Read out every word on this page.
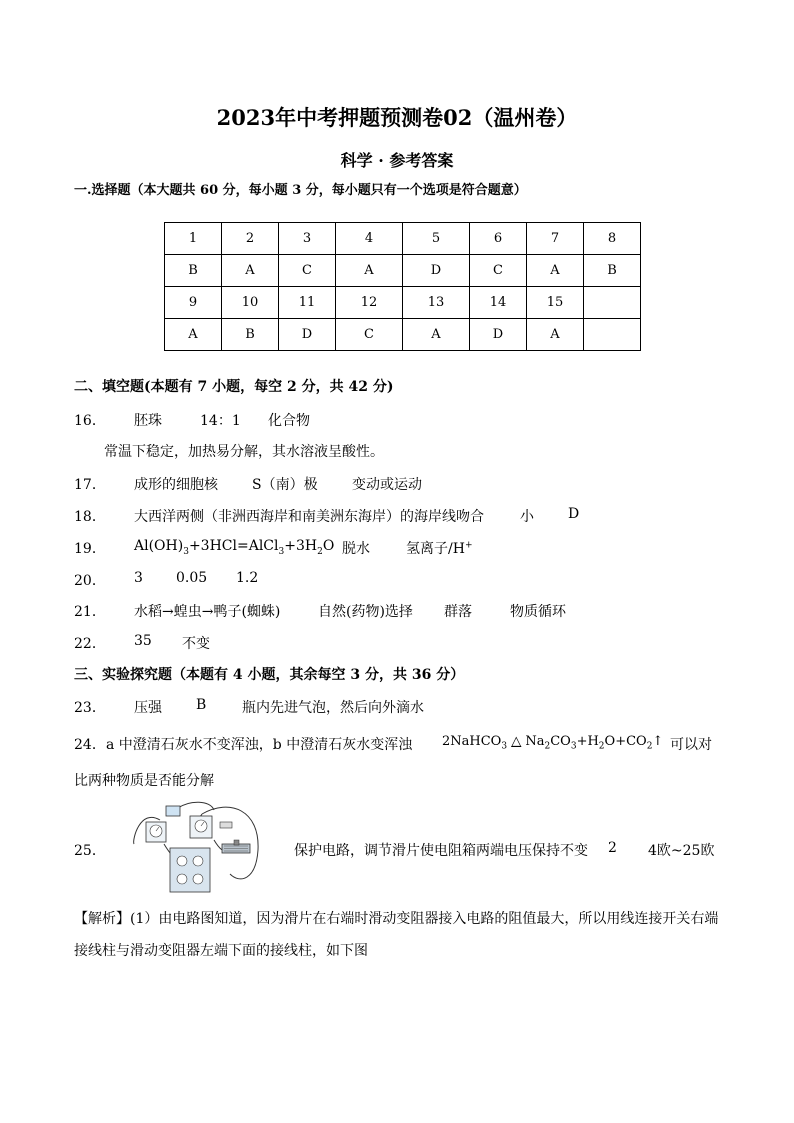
2023年中考押题预测卷02（温州卷）
科学 · 参考答案
一.选择题（本大题共 60 分，每小题 3 分，每小题只有一个选项是符合题意）
1	2	3	4	5	6	7	8
B	A	C	A	D	C	A	B
9	10	11	12	13	14	15	
A	B	D	C	A	D	A	
二、填空题(本题有 7 小题，每空 2 分，共 42 分)
16． 胚珠	14：1 化合物
常温下稳定，加热易分解，其水溶液呈酸性。
17． 成形的细胞核 S（南）极 变动或运动
18． 大西洋两侧（非洲西海岸和南美洲东海岸）的海岸线吻合	小 D
19． $Al(OH)_3+3HCl=AlCl_3+3H_2O$ 脱水	氢离子/H+
20． 3 0.05 1.2
21． 水稻→蝗虫→鸭子(蜘蛛)	自然(药物)选择 群落	物质循环
22． 35 不变
三、实验探究题（本题有 4 小题，其余每空 3 分，共 36 分）
23． 压强 B	瓶内先进气泡，然后向外滴水
24． a 中澄清石灰水不变浑浊，b 中澄清石灰水变浑浊 2NaHCO$_3$ △ $Na_2CO_3+H_2O+CO_2↑$ 可以对
比两种物质是否能分解
25．	保护电路，调节滑片使电阻箱两端电压保持不变 2 4欧~25欧
【解析】(1）由电路图知道，因为滑片在右端时滑动变阻器接入电路的阻值最大，所以用线连接开关右端
接线柱与滑动变阻器左端下面的接线柱，如下图
